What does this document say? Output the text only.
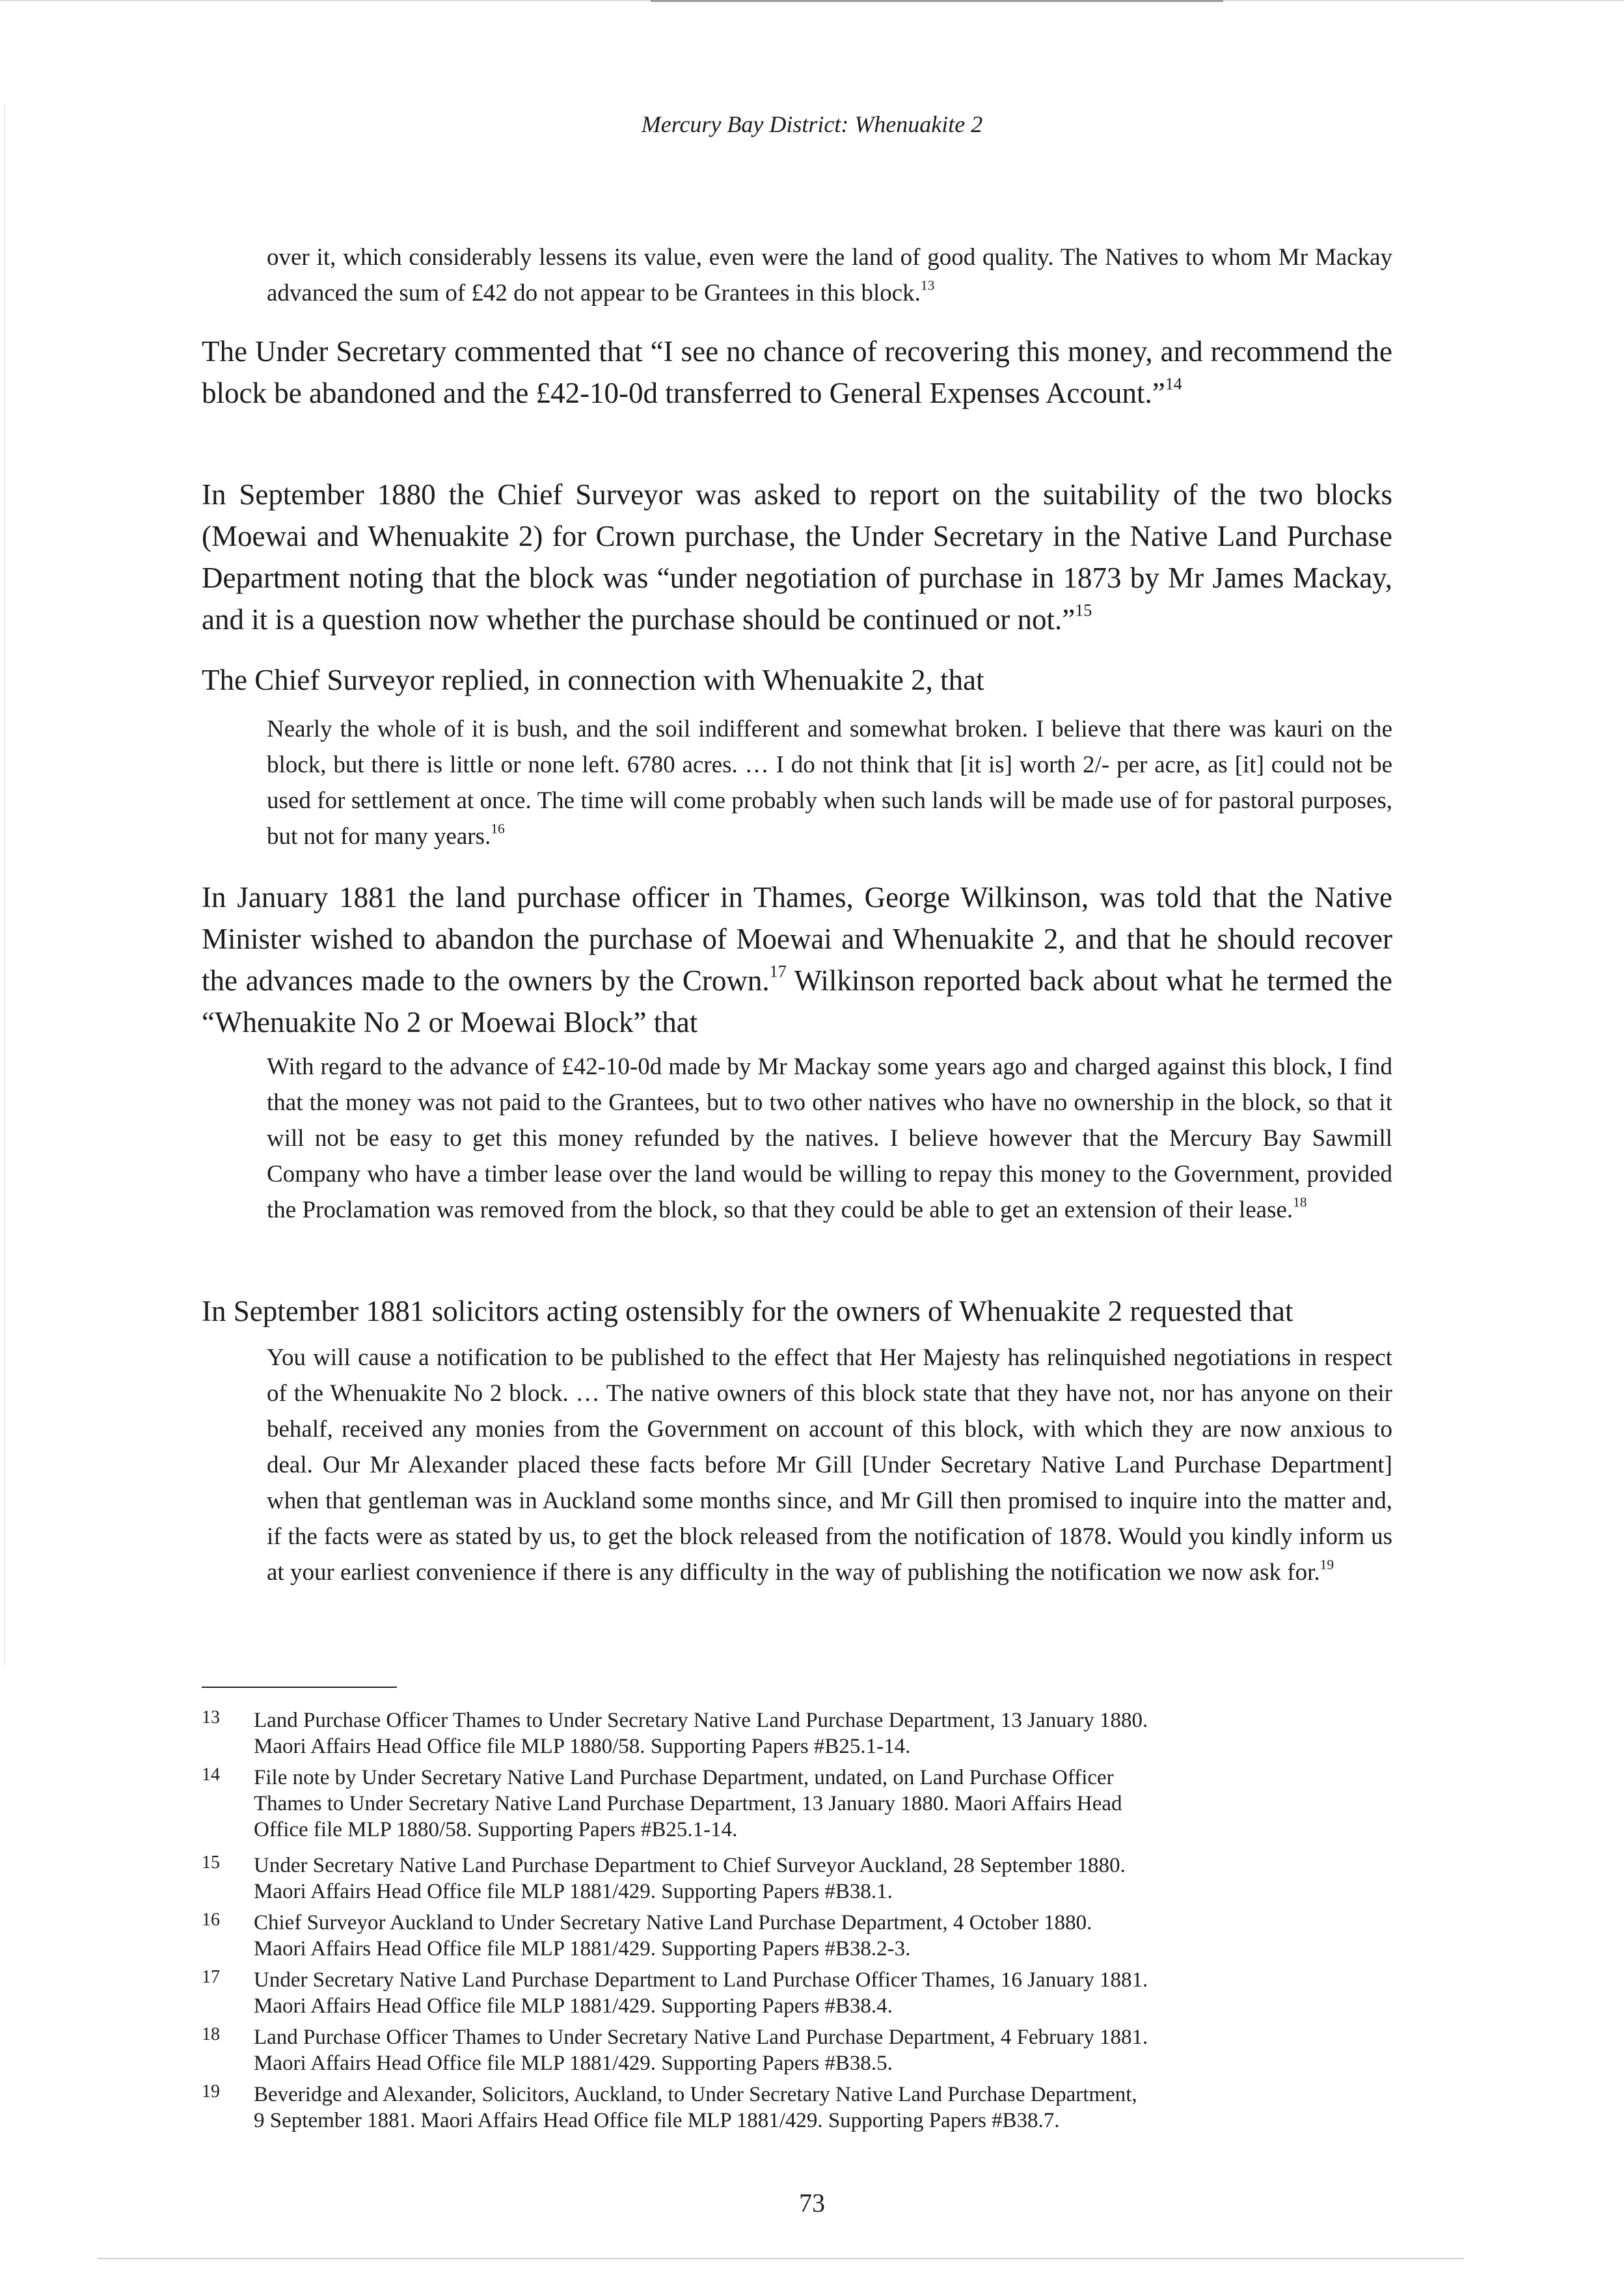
Mercury Bay District: Whenuakite 2

over it, which considerably lessens its value, even were the land of good quality. The Natives to whom Mr Mackay advanced the sum of £42 do not appear to be Grantees in this block.$^{13}$

The Under Secretary commented that “I see no chance of recovering this money, and recommend the block be abandoned and the £42-10-0d transferred to General Expenses Account.”$^{14}$

In September 1880 the Chief Surveyor was asked to report on the suitability of the two blocks (Moewai and Whenuakite 2) for Crown purchase, the Under Secretary in the Native Land Purchase Department noting that the block was “under negotiation of purchase in 1873 by Mr James Mackay, and it is a question now whether the purchase should be continued or not.”$^{15}$

The Chief Surveyor replied, in connection with Whenuakite 2, that

Nearly the whole of it is bush, and the soil indifferent and somewhat broken. I believe that there was kauri on the block, but there is little or none left. 6780 acres. … I do not think that [it is] worth 2/- per acre, as [it] could not be used for settlement at once. The time will come probably when such lands will be made use of for pastoral purposes, but not for many years.$^{16}$

In January 1881 the land purchase officer in Thames, George Wilkinson, was told that the Native Minister wished to abandon the purchase of Moewai and Whenuakite 2, and that he should recover the advances made to the owners by the Crown.$^{17}$ Wilkinson reported back about what he termed the “Whenuakite No 2 or Moewai Block” that

With regard to the advance of £42-10-0d made by Mr Mackay some years ago and charged against this block, I find that the money was not paid to the Grantees, but to two other natives who have no ownership in the block, so that it will not be easy to get this money refunded by the natives. I believe however that the Mercury Bay Sawmill Company who have a timber lease over the land would be willing to repay this money to the Government, provided the Proclamation was removed from the block, so that they could be able to get an extension of their lease.$^{18}$

In September 1881 solicitors acting ostensibly for the owners of Whenuakite 2 requested that

You will cause a notification to be published to the effect that Her Majesty has relinquished negotiations in respect of the Whenuakite No 2 block. … The native owners of this block state that they have not, nor has anyone on their behalf, received any monies from the Government on account of this block, with which they are now anxious to deal. Our Mr Alexander placed these facts before Mr Gill [Under Secretary Native Land Purchase Department] when that gentleman was in Auckland some months since, and Mr Gill then promised to inquire into the matter and, if the facts were as stated by us, to get the block released from the notification of 1878. Would you kindly inform us at your earliest convenience if there is any difficulty in the way of publishing the notification we now ask for.$^{19}$

13	Land Purchase Officer Thames to Under Secretary Native Land Purchase Department, 13 January 1880.
Maori Affairs Head Office file MLP 1880/58. Supporting Papers #B25.1-14.
14	File note by Under Secretary Native Land Purchase Department, undated, on Land Purchase Officer
Thames to Under Secretary Native Land Purchase Department, 13 January 1880. Maori Affairs Head
Office file MLP 1880/58. Supporting Papers #B25.1-14.
15	Under Secretary Native Land Purchase Department to Chief Surveyor Auckland, 28 September 1880.
Maori Affairs Head Office file MLP 1881/429. Supporting Papers #B38.1.
16	Chief Surveyor Auckland to Under Secretary Native Land Purchase Department, 4 October 1880.
Maori Affairs Head Office file MLP 1881/429. Supporting Papers #B38.2-3.
17	Under Secretary Native Land Purchase Department to Land Purchase Officer Thames, 16 January 1881.
Maori Affairs Head Office file MLP 1881/429. Supporting Papers #B38.4.
18	Land Purchase Officer Thames to Under Secretary Native Land Purchase Department, 4 February 1881.
Maori Affairs Head Office file MLP 1881/429. Supporting Papers #B38.5.
19	Beveridge and Alexander, Solicitors, Auckland, to Under Secretary Native Land Purchase Department,
9 September 1881. Maori Affairs Head Office file MLP 1881/429. Supporting Papers #B38.7.
73
